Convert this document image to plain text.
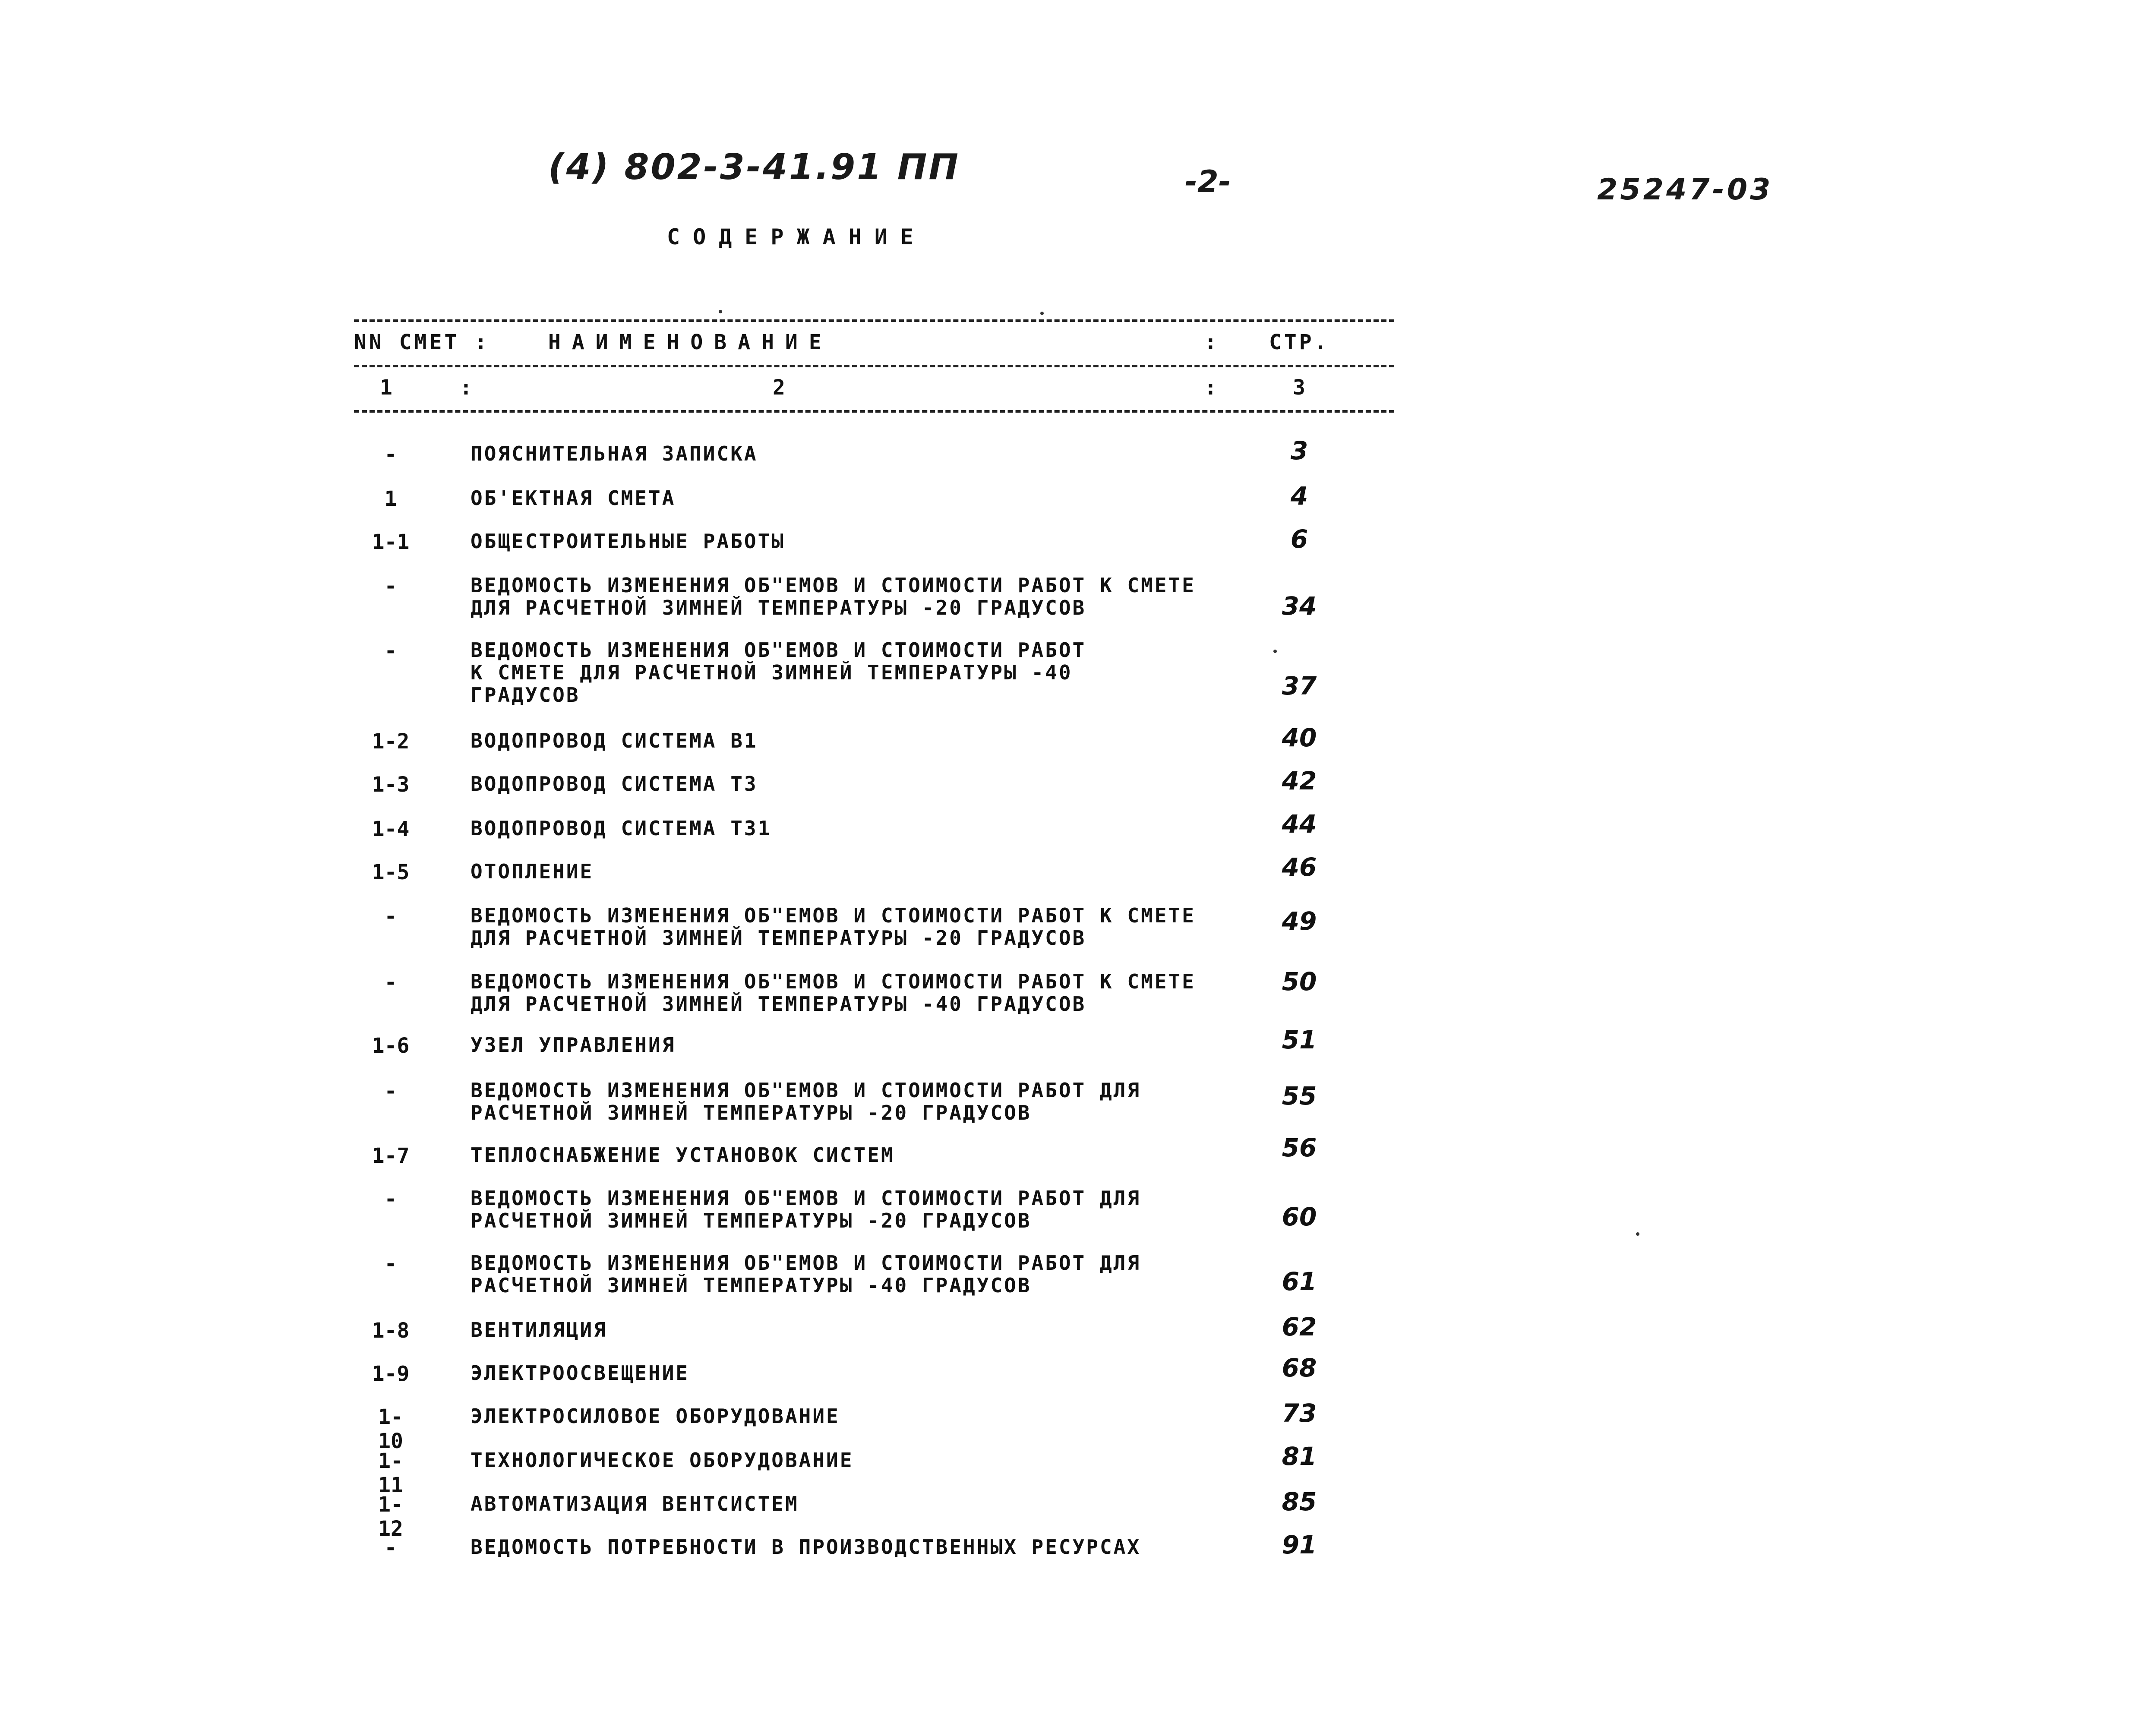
(4) 802-3-41.91 ПП	-2-	25247-03
СОДЕРЖАНИЕ
NN СМЕТ :	НАИМЕНОВАНИЕ	: СТР.
1	:	2	:	3
-	ПОЯСНИТЕЛЬНАЯ ЗАПИСКА	3
1	ОБ'ЕКТНАЯ СМЕТА	4
1-1	ОБЩЕСТРОИТЕЛЬНЫЕ РАБОТЫ	6
-	ВЕДОМОСТЬ ИЗМЕНЕНИЯ ОБ"ЕМОВ И СТОИМОСТИ РАБОТ К СМЕТЕ
ДЛЯ РАСЧЕТНОЙ ЗИМНЕЙ ТЕМПЕРАТУРЫ -20 ГРАДУСОВ	34
-	ВЕДОМОСТЬ ИЗМЕНЕНИЯ ОБ"ЕМОВ И СТОИМОСТИ РАБОТ
К СМЕТЕ ДЛЯ РАСЧЕТНОЙ ЗИМНЕЙ ТЕМПЕРАТУРЫ -40
ГРАДУСОВ	37
1-2	ВОДОПРОВОД СИСТЕМА В1	40
1-3	ВОДОПРОВОД СИСТЕМА Т3	42
1-4	ВОДОПРОВОД СИСТЕМА Т31	44
1-5	ОТОПЛЕНИЕ	46
-	ВЕДОМОСТЬ ИЗМЕНЕНИЯ ОБ"ЕМОВ И СТОИМОСТИ РАБОТ К СМЕТЕ
ДЛЯ РАСЧЕТНОЙ ЗИМНЕЙ ТЕМПЕРАТУРЫ -20 ГРАДУСОВ
49
-	ВЕДОМОСТЬ ИЗМЕНЕНИЯ ОБ"ЕМОВ И СТОИМОСТИ РАБОТ К СМЕТЕ
ДЛЯ РАСЧЕТНОЙ ЗИМНЕЙ ТЕМПЕРАТУРЫ -40 ГРАДУСОВ
50
1-6	УЗЕЛ УПРАВЛЕНИЯ	51
-	ВЕДОМОСТЬ ИЗМЕНЕНИЯ ОБ"ЕМОВ И СТОИМОСТИ РАБОТ ДЛЯ
РАСЧЕТНОЙ ЗИМНЕЙ ТЕМПЕРАТУРЫ -20 ГРАДУСОВ
55
1-7	ТЕПЛОСНАБЖЕНИЕ УСТАНОВОК СИСТЕМ	56
-	ВЕДОМОСТЬ ИЗМЕНЕНИЯ ОБ"ЕМОВ И СТОИМОСТИ РАБОТ ДЛЯ
РАСЧЕТНОЙ ЗИМНЕЙ ТЕМПЕРАТУРЫ -20 ГРАДУСОВ	60
-	ВЕДОМОСТЬ ИЗМЕНЕНИЯ ОБ"ЕМОВ И СТОИМОСТИ РАБОТ ДЛЯ
РАСЧЕТНОЙ ЗИМНЕЙ ТЕМПЕРАТУРЫ -40 ГРАДУСОВ	61
1-8	ВЕНТИЛЯЦИЯ	62
1-9	ЭЛЕКТРООСВЕЩЕНИЕ	68
1-10
ЭЛЕКТРОСИЛОВОЕ ОБОРУДОВАНИЕ	73
1-11
ТЕХНОЛОГИЧЕСКОЕ ОБОРУДОВАНИЕ	81
1-12
АВТОМАТИЗАЦИЯ ВЕНТСИСТЕМ	85
-	ВЕДОМОСТЬ ПОТРЕБНОСТИ В ПРОИЗВОДСТВЕННЫХ РЕСУРСАХ	91
